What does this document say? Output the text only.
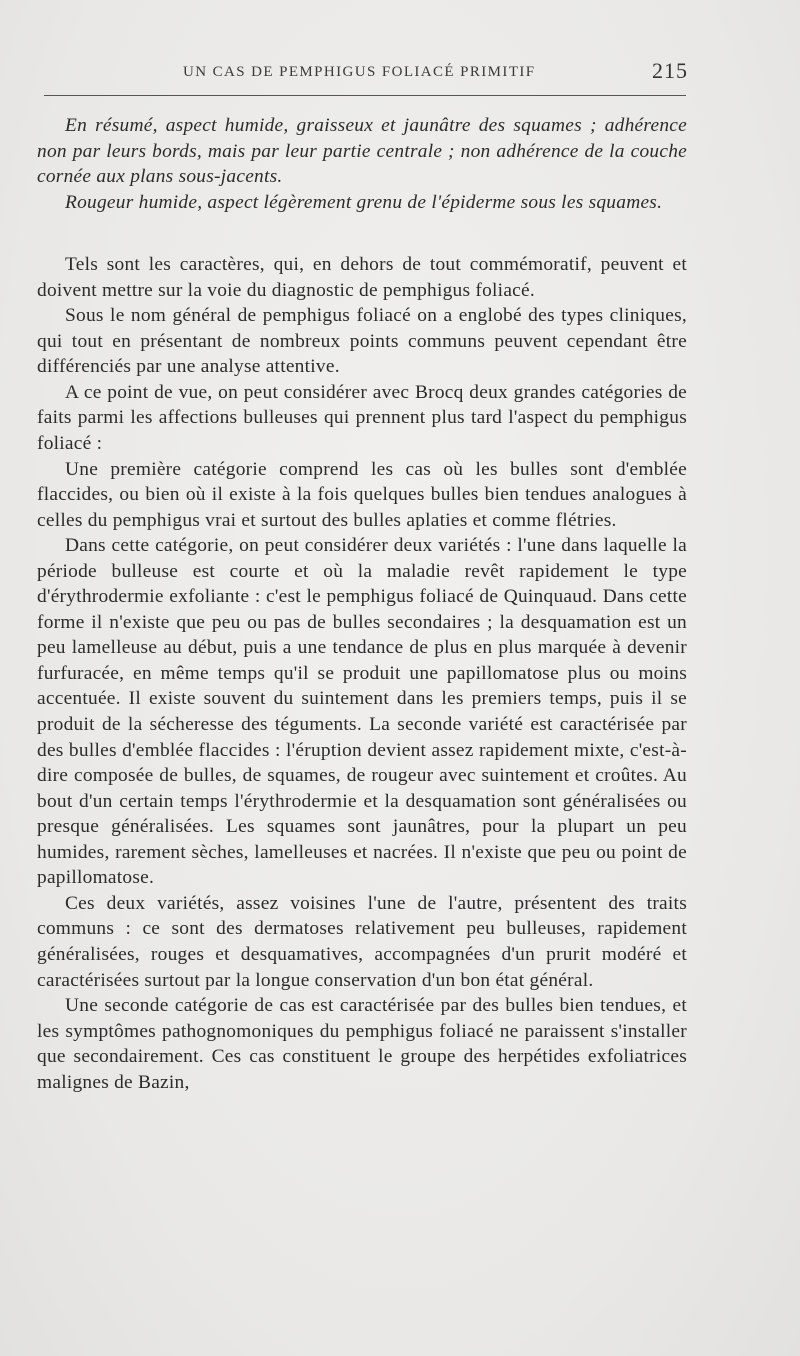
UN CAS DE PEMPHIGUS FOLIACÉ PRIMITIF	215

En résumé, aspect humide, graisseux et jaunâtre des squames ; adhérence non par leurs bords, mais par leur partie centrale ; non adhérence de la couche cornée aux plans sous-jacents.

Rougeur humide, aspect légèrement grenu de l'épiderme sous les squames.

Tels sont les caractères, qui, en dehors de tout commémoratif, peuvent et doivent mettre sur la voie du diagnostic de pemphigus foliacé.

Sous le nom général de pemphigus foliacé on a englobé des types cliniques, qui tout en présentant de nombreux points communs peuvent cependant être différenciés par une analyse attentive.

A ce point de vue, on peut considérer avec Brocq deux grandes catégories de faits parmi les affections bulleuses qui prennent plus tard l'aspect du pemphigus foliacé :

Une première catégorie comprend les cas où les bulles sont d'emblée flaccides, ou bien où il existe à la fois quelques bulles bien tendues analogues à celles du pemphigus vrai et surtout des bulles aplaties et comme flétries.

Dans cette catégorie, on peut considérer deux variétés : l'une dans laquelle la période bulleuse est courte et où la maladie revêt rapidement le type d'érythrodermie exfoliante : c'est le pemphigus foliacé de Quinquaud. Dans cette forme il n'existe que peu ou pas de bulles secondaires ; la desquamation est un peu lamelleuse au début, puis a une tendance de plus en plus marquée à devenir furfuracée, en même temps qu'il se produit une papillomatose plus ou moins accentuée. Il existe souvent du suintement dans les premiers temps, puis il se produit de la sécheresse des téguments. La seconde variété est caractérisée par des bulles d'emblée flaccides : l'éruption devient assez rapidement mixte, c'est-à-dire composée de bulles, de squames, de rougeur avec suintement et croûtes. Au bout d'un certain temps l'érythrodermie et la desquamation sont généralisées ou presque généralisées. Les squames sont jaunâtres, pour la plupart un peu humides, rarement sèches, lamelleuses et nacrées. Il n'existe que peu ou point de papillomatose.

Ces deux variétés, assez voisines l'une de l'autre, présentent des traits communs : ce sont des dermatoses relativement peu bulleuses, rapidement généralisées, rouges et desquamatives, accompagnées d'un prurit modéré et caractérisées surtout par la longue conservation d'un bon état général.

Une seconde catégorie de cas est caractérisée par des bulles bien tendues, et les symptômes pathognomoniques du pemphigus foliacé ne paraissent s'installer que secondairement. Ces cas constituent le groupe des herpétides exfoliatrices malignes de Bazin,
